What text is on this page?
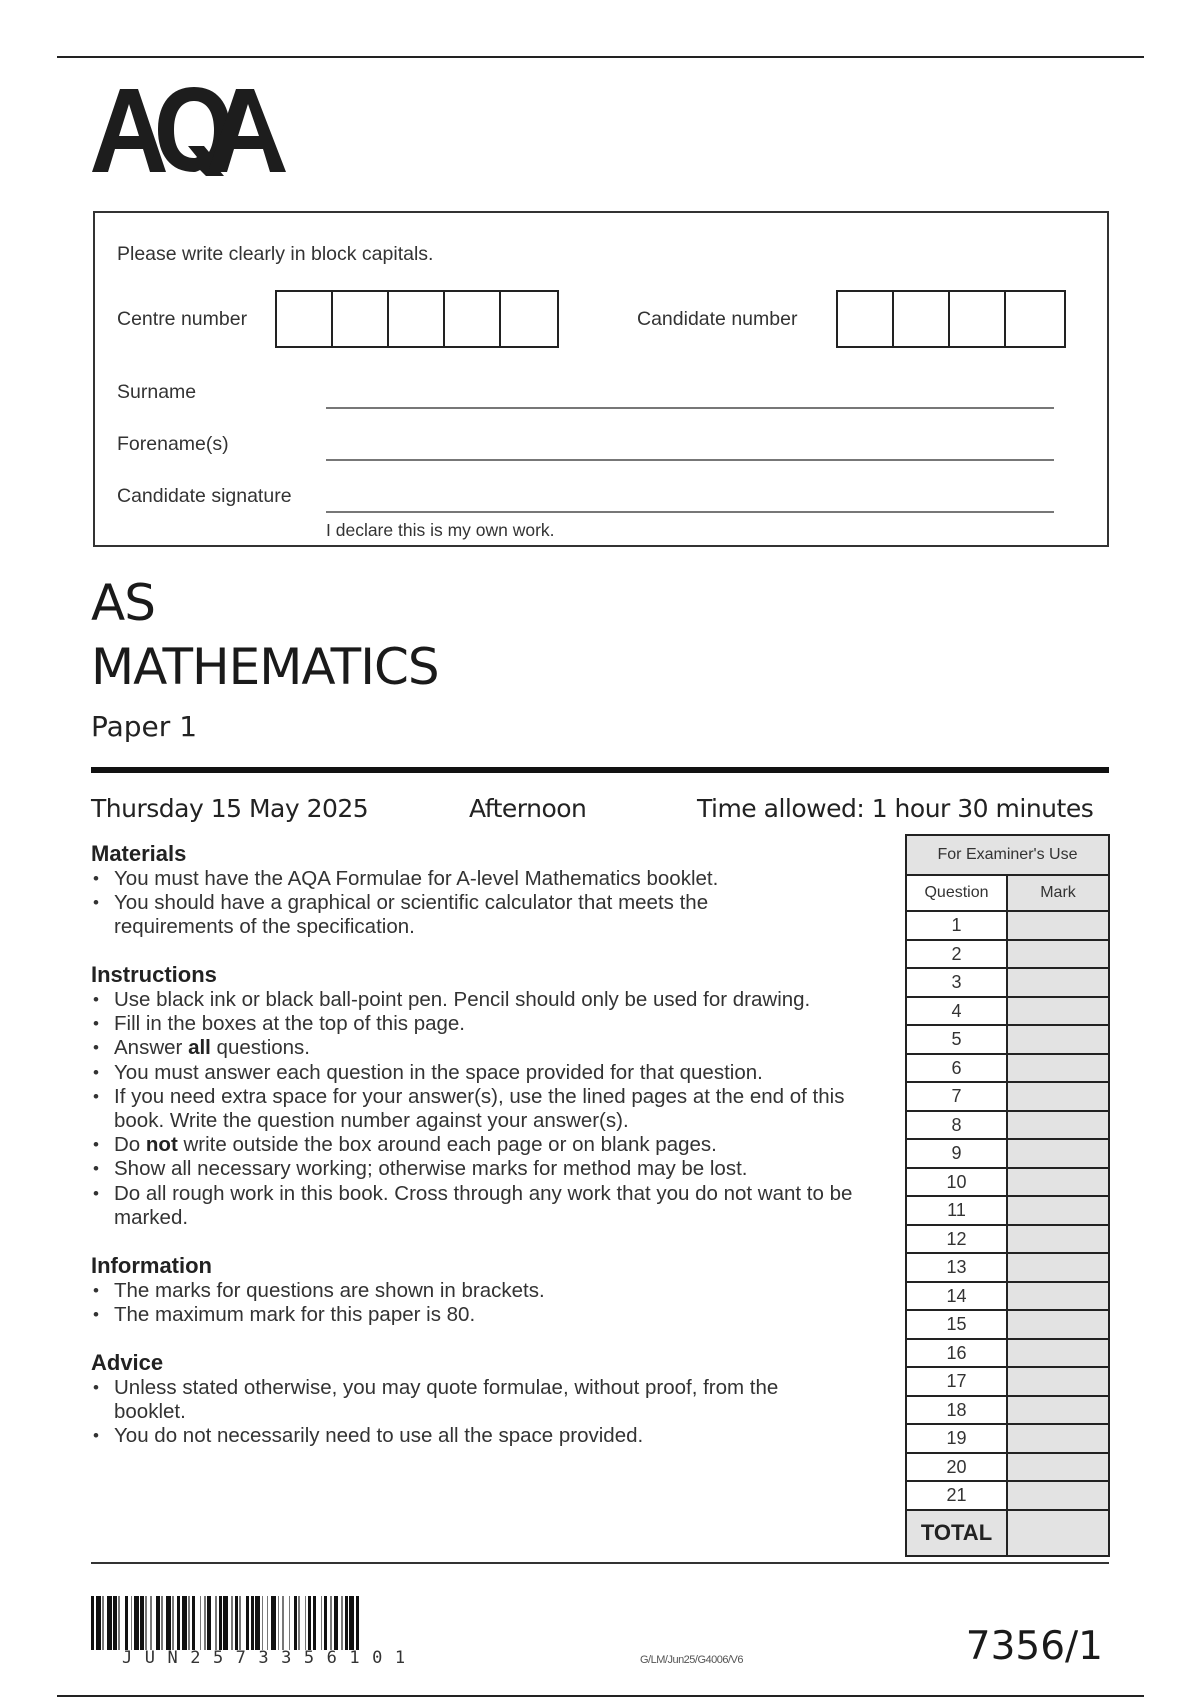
Please write clearly in block capitals.
Centre number	Candidate number
Surname
Forename(s)
Candidate signature
I declare this is my own work.
AS
MATHEMATICS
Paper 1
Thursday 15 May 2025	Afternoon	Time allowed: 1 hour 30 minutes
Materials
• You must have the AQA Formulae for A-level Mathematics booklet.
• You should have a graphical or scientific calculator that meets the requirements of the specification.
Instructions
• Use black ink or black ball-point pen. Pencil should only be used for drawing.
• Fill in the boxes at the top of this page.
• Answer all questions.
• You must answer each question in the space provided for that question.
• If you need extra space for your answer(s), use the lined pages at the end of this book. Write the question number against your answer(s).
• Do not write outside the box around each page or on blank pages.
• Show all necessary working; otherwise marks for method may be lost.
• Do all rough work in this book. Cross through any work that you do not want to be marked.
Information
• The marks for questions are shown in brackets.
• The maximum mark for this paper is 80.
Advice
• Unless stated otherwise, you may quote formulae, without proof, from the booklet.
• You do not necessarily need to use all the space provided.
For Examiner's Use	
Question	Mark
1	
2	
3	
4	
5	
6	
7	
8	
9	
10	
11	
12	
13	
14	
15	
16	
17	
18	
19	
20	
21	
TOTAL	
JUN2573356101	G/LM/Jun25/G4006/V6	7356/1
